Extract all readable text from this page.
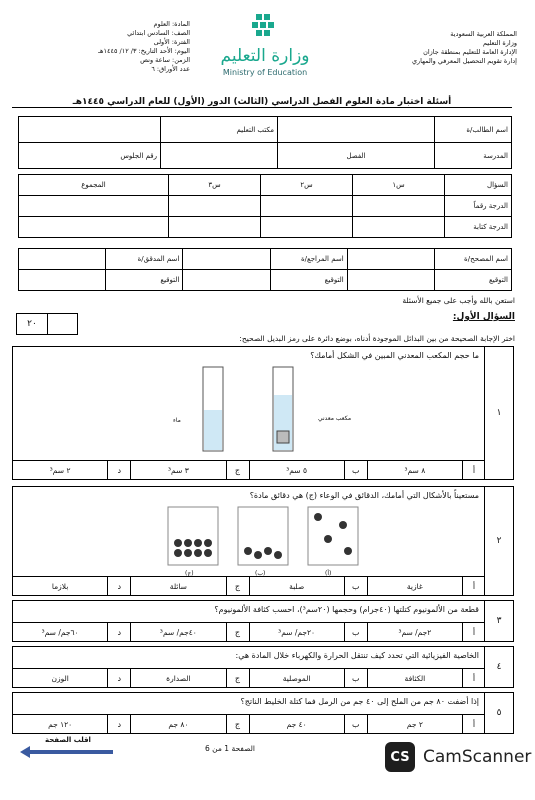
المملكة العربية السعودية
وزارة التعليم
الإدارة العامة للتعليم بمنطقة جازان
إدارة تقويم التحصيل المعرفي والمهاري
وزارة التعليم
Ministry of Education
المادة: العلوم
الصف: السادس ابتدائي
الفترة: الأولى
اليوم: الأحد التاريخ: ٣/ ١٢/ ١٤٤٥هـ
الزمن: ساعة ونص
عدد الأوراق: ٦
أسئلة اختبار مادة العلوم الفصل الدراسي (الثالث) الدور (الأول) للعام الدراسي ١٤٤٥هـ
اسم الطالب/ة		مكتب التعليم	
المدرسة	الفصل		رقم الجلوس
السؤال	س١	س٢	س٣	المجموع
الدرجة رقماً				
الدرجة كتابة				
اسم المصحح/ة		اسم المراجع/ة		اسم المدقق/ة	
التوقيع		التوقيع		التوقيع	
استعن بالله وأجب على جميع الأسئلة
السؤال الأول:
٢٠
اختر الإجابة الصحيحة من بين البدائل الموجودة أدناه، بوضع دائرة على رمز البديل الصحيح:
١
ما حجم المكعب المعدني المبين في الشكل أمامك؟
ماء	مكعب معدني
أ
٨ سم³
ب
٥ سم³
ج
٣ سم³
د
٢ سم³
٢
مستعيناً بالأشكال التي أمامك، الدقائق في الوعاء (ج) هي دقائق مادة؟
(ج)	(ب)	(أ)
أ
غازية
ب
صلبة
ج
سائلة
د
بلازما
٣
قطعة من الألمونيوم كتلتها (٤٠جرام) وحجمها (٢٠سم³)، احسب كثافة الألمونيوم؟
أ
٢جم/ سم³
ب
٢٠جم/ سم³
ج
٤٠جم/ سم³
د
٦٠جم/ سم³
٤
الخاصية الفيزيائية التي تحدد كيف تنتقل الحرارة والكهرباء خلال المادة هي:
أ
الكثافة
ب
الموصلية
ج
الصدارة
د
الوزن
٥
إذا أضفت ٨٠ جم من الملح إلى ٤٠ جم من الرمل فما كتلة الخليط الناتج؟
أ
٢ جم
ب
٤٠ جم
ج
٨٠ جم
د
١٢٠ جم
اقلب الصفحة
الصفحة 1 من 6
CS CamScanner
